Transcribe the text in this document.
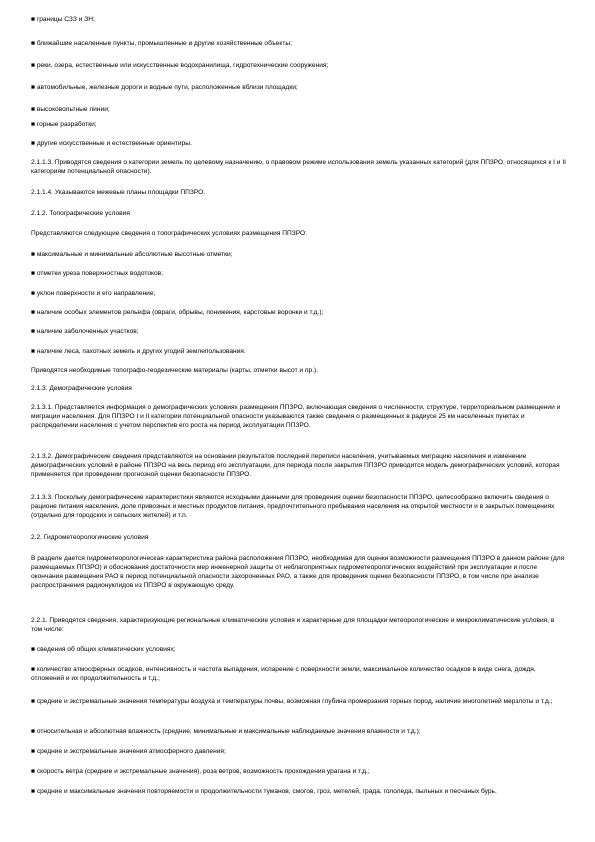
■ границы СЗЗ и ЗН;

■ ближайшие населенные пункты, промышленные и другие хозяйственные объекты;

■ реки, озера, естественные или искусственные водохранилища, гидротехнические сооружения;

■ автомобильные, железные дороги и водные пути, расположенные вблизи площадки;

■ высоковольтные линии;

■ горные разработки;

■ другие искусственные и естественные ориентиры.

2.1.1.3. Приводятся сведения о категории земель по целевому назначению, о правовом режиме использования земель указанных категорий (для ПП3РО, относящихся к I и II категориям потенциальной опасности).

2.1.1.4. Указываются межевые планы площадки ППЗРО.

2.1.2. Топографические условия

Представляются следующие сведения о топографических условиях размещения ППЗРО:

■ максимальные и минимальные абсолютные высотные отметки;

■ отметки уреза поверхностных водотоков;

■ уклон поверхности и его направление;

■ наличие особых элементов рельефа (овраги, обрывы, понижения, карстовые воронки и т.д.);

■ наличие заболоченных участков;

■ наличие леса, пахотных земель и других угодий землепользования.

Приводятся необходимые топографо-геодезические материалы (карты, отметки высот и пр.).

2.1.3. Демографические условия

2.1.3.1. Представляется информация о демографических условиях размещения ППЗРО, включающая сведения о численности, структуре, территориальном размещении и миграции населения. Для ППЗРО I и II категории потенциальной опасности указываются также сведения о размещенных в радиусе 25 км населенных пунктах и распределении населения с учетом перспектив его роста на период эксплуатации ППЗРО.

2.1.3.2. Демографические сведения представляются на основании результатов последней переписи населения, учитываемых миграцию населения и изменение демографических условий в районе ППЗРО на весь период его эксплуатации, для периода после закрытия ППЗРО приводится модель демографических условий, которая применяется при проведении прогнозной оценки безопасности ППЗРО.

2.1.3.3. Поскольку демографические характеристики являются исходными данными для проведения оценки безопасности ППЗРО, целесообразно включить сведения о рационе питания населения, доле привозных и местных продуктов питания, предпочтительного пребывания населения на открытой местности и в закрытых помещениях (отдельно для городских и сельских жителей) и т.п.

2.2. Гидрометеорологические условия

В разделе дается гидрометеорологическая характеристика района расположения ППЗРО, необходимая для оценки возможности размещения ППЗРО в данном районе (для размещаемых ППЗРО) и обоснования достаточности мер инженерной защиты от неблагоприятных гидрометеорологических воздействий при эксплуатации и после окончания размещения РАО в период потенциальной опасности захороненных РАО, а также для проведения оценки безопасности ППЗРО, в том числе при анализе распространения радионуклидов из ППЗРО в окружающую среду.

2.2.1. Приводятся сведения, характеризующие региональные климатические условия и характерные для площадки метеорологические и микроклиматические условия, в том числе:

■ сведения об общих климатических условиях;

■ количество атмосферных осадков, интенсивность и частота выпадения, испарение с поверхности земли, максимальное количество осадков в виде снега, дождя, отложений и их продолжительность и т.д.;

■ средние и экстремальные значения температуры воздуха и температуры почвы, возможная глубина промерзания горных пород, наличие многолетней мерзлоты и т.д.;

■ относительная и абсолютная влажность (средние, минимальные и максимальные наблюдаемые значения влажности и т.д.);

■ средние и экстремальные значения атмосферного давления;

■ скорость ветра (средние и экстремальные значения), роза ветров, возможность прохождения урагана и т.д.;

■ средние и максимальные значения повторяемости и продолжительности туманов, смогов, гроз, метелей, града, гололеда, пыльных и песчаных бурь.
